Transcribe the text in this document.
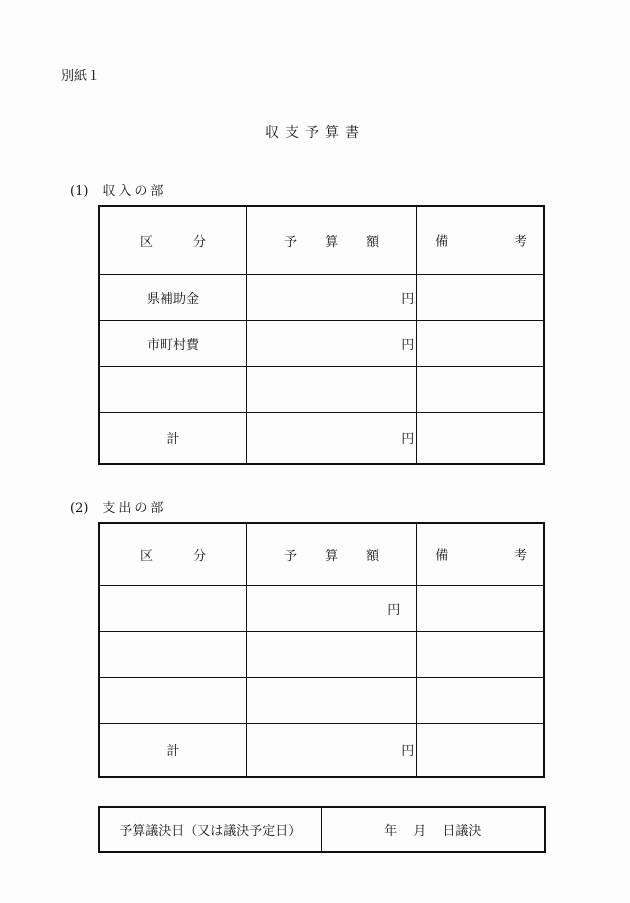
別紙１
収支予算書
(1) 収入の部
区 分	予 算 額	備 考

県補助金	円	
市町村費	円	

計	円	
(2) 支出の部
区 分	予 算 額	備 考

	円	

計	円	
予算議決日（又は議決予定日）	年 月 日議決
